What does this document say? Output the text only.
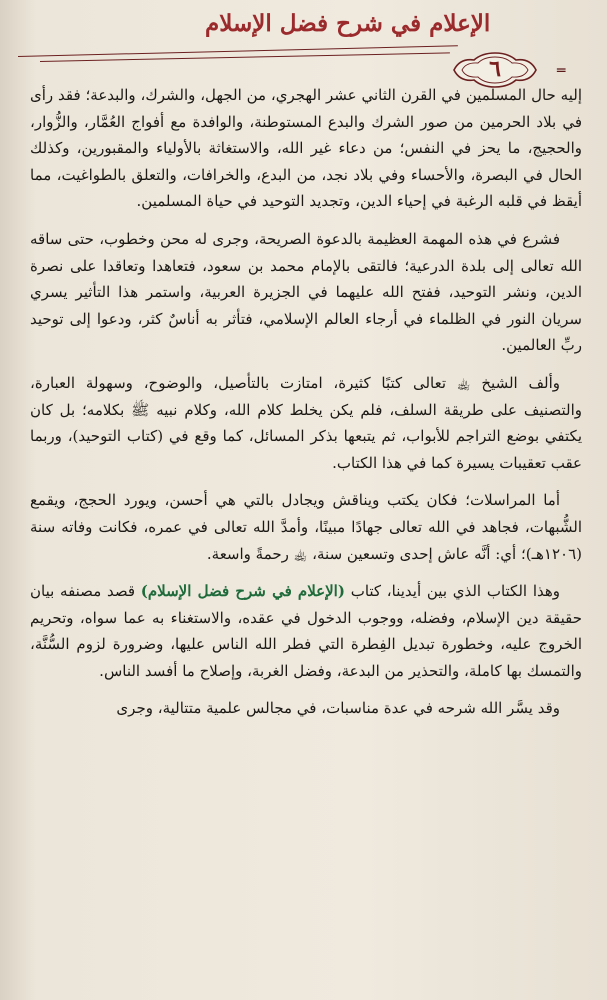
الإعلام في شرح فضل الإسلام
٦	═

إليه حال المسلمين في القرن الثاني عشر الهجري، من الجهل، والشرك، والبدعة؛ فقد رأى في بلاد الحرمين من صور الشرك والبدع المستوطنة، والوافدة مع أفواج العُمَّار، والزُّوار، والحجيج، ما يحز في النفس؛ من دعاء غير الله، والاستغاثة بالأولياء والمقبورين، وكذلك الحال في البصرة، والأحساء وفي بلاد نجد، من البدع، والخرافات، والتعلق بالطواغيت، مما أيقظ في قلبه الرغبة في إحياء الدين، وتجديد التوحيد في حياة المسلمين.

فشرع في هذه المهمة العظيمة بالدعوة الصريحة، وجرى له محن وخطوب، حتى ساقه الله تعالى إلى بلدة الدرعية؛ فالتقى بالإمام محمد بن سعود، فتعاهدا وتعاقدا على نصرة الدين، ونشر التوحيد، ففتح الله عليهما في الجزيرة العربية، واستمر هذا التأثير يسري سريان النور في الظلماء في أرجاء العالم الإسلامي، فتأثر به أناسٌ كثر، ودعوا إلى توحيد ربِّ العالمين.

وألف الشيخ ﵀ تعالى كتبًا كثيرة، امتازت بالتأصيل، والوضوح، وسهولة العبارة، والتصنيف على طريقة السلف، فلم يكن يخلط كلام الله، وكلام نبيه ﷺ بكلامه؛ بل كان يكتفي بوضع التراجم للأبواب، ثم يتبعها بذكر المسائل، كما وقع في (كتاب التوحيد)، وربما عقب تعقيبات يسيرة كما في هذا الكتاب.

أما المراسلات؛ فكان يكتب ويناقش ويجادل بالتي هي أحسن، ويورد الحجج، ويقمع الشُّبهات، فجاهد في الله تعالى جهادًا مبينًا، وأمدَّ الله تعالى في عمره، فكانت وفاته سنة (١٢٠٦هـ)؛ أي: أنَّه عاش إحدى وتسعين سنة، ﵀ رحمةً واسعة.

وهذا الكتاب الذي بين أيدينا، كتاب (الإعلام في شرح فضل الإسلام) قصد مصنفه بيان حقيقة دين الإسلام، وفضله، ووجوب الدخول في عقده، والاستغناء به عما سواه، وتحريم الخروج عليه، وخطورة تبديل الفِطرة التي فطر الله الناس عليها، وضرورة لزوم السُّنَّة، والتمسك بها كاملة، والتحذير من البدعة، وفضل الغربة، وإصلاح ما أفسد الناس.

وقد يسَّر الله شرحه في عدة مناسبات، في مجالس علمية متتالية، وجرى
